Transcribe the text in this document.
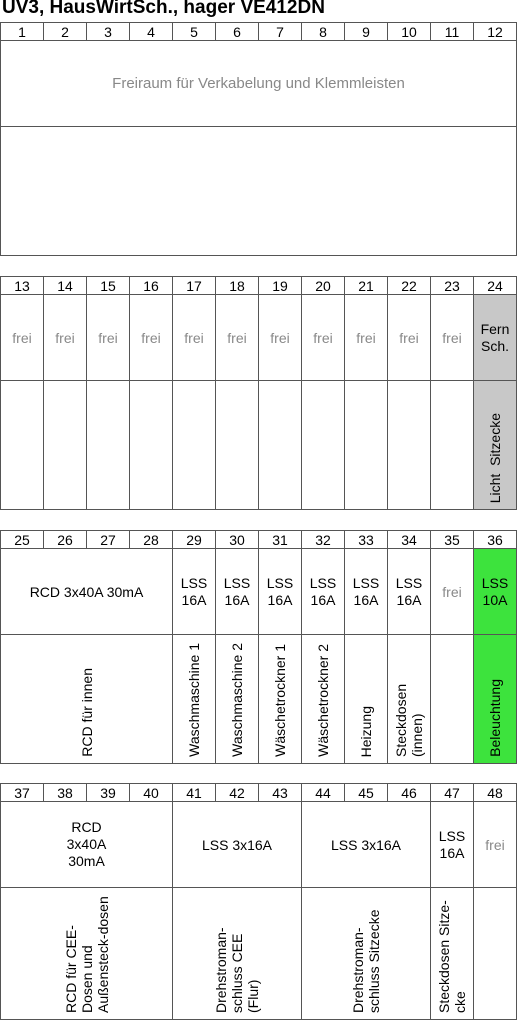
UV3, HausWirtSch., hager VE412DN
1	2	3	4	5	6	7	8	9	10	11	12
Freiraum für Verkabelung und Klemmleisten

13	14	15	16	17	18	19	20	21	22	23	24
frei	frei	frei	frei	frei	frei	frei	frei	frei	frei	frei	Fern Sch.
											Licht  Sitzecke
25	26	27	28	29	30	31	32	33	34	35	36
RCD 3x40A 30mA				LSS 16A	LSS 16A	LSS 16A	LSS 16A	LSS 16A	LSS 16A	frei	LSS 10A
RCD für innen				Waschmaschine 1	Waschmaschine 2	Wäschetrockner 1	Wäschetrockner 2	Heizung	Steckdosen (innen)		Beleuchtung
37	38	39	40	41	42	43	44	45	46	47	48
RCD 3x40A 30mA				LSS 3x16A			LSS 3x16A			LSS 16A	frei
RCD für CEE-Dosen und Außensteck-dosen				Drehstroman-schluss CEE (Flur)			Drehstroman-schluss Sitzecke			Steckdosen Sitze-cke	
